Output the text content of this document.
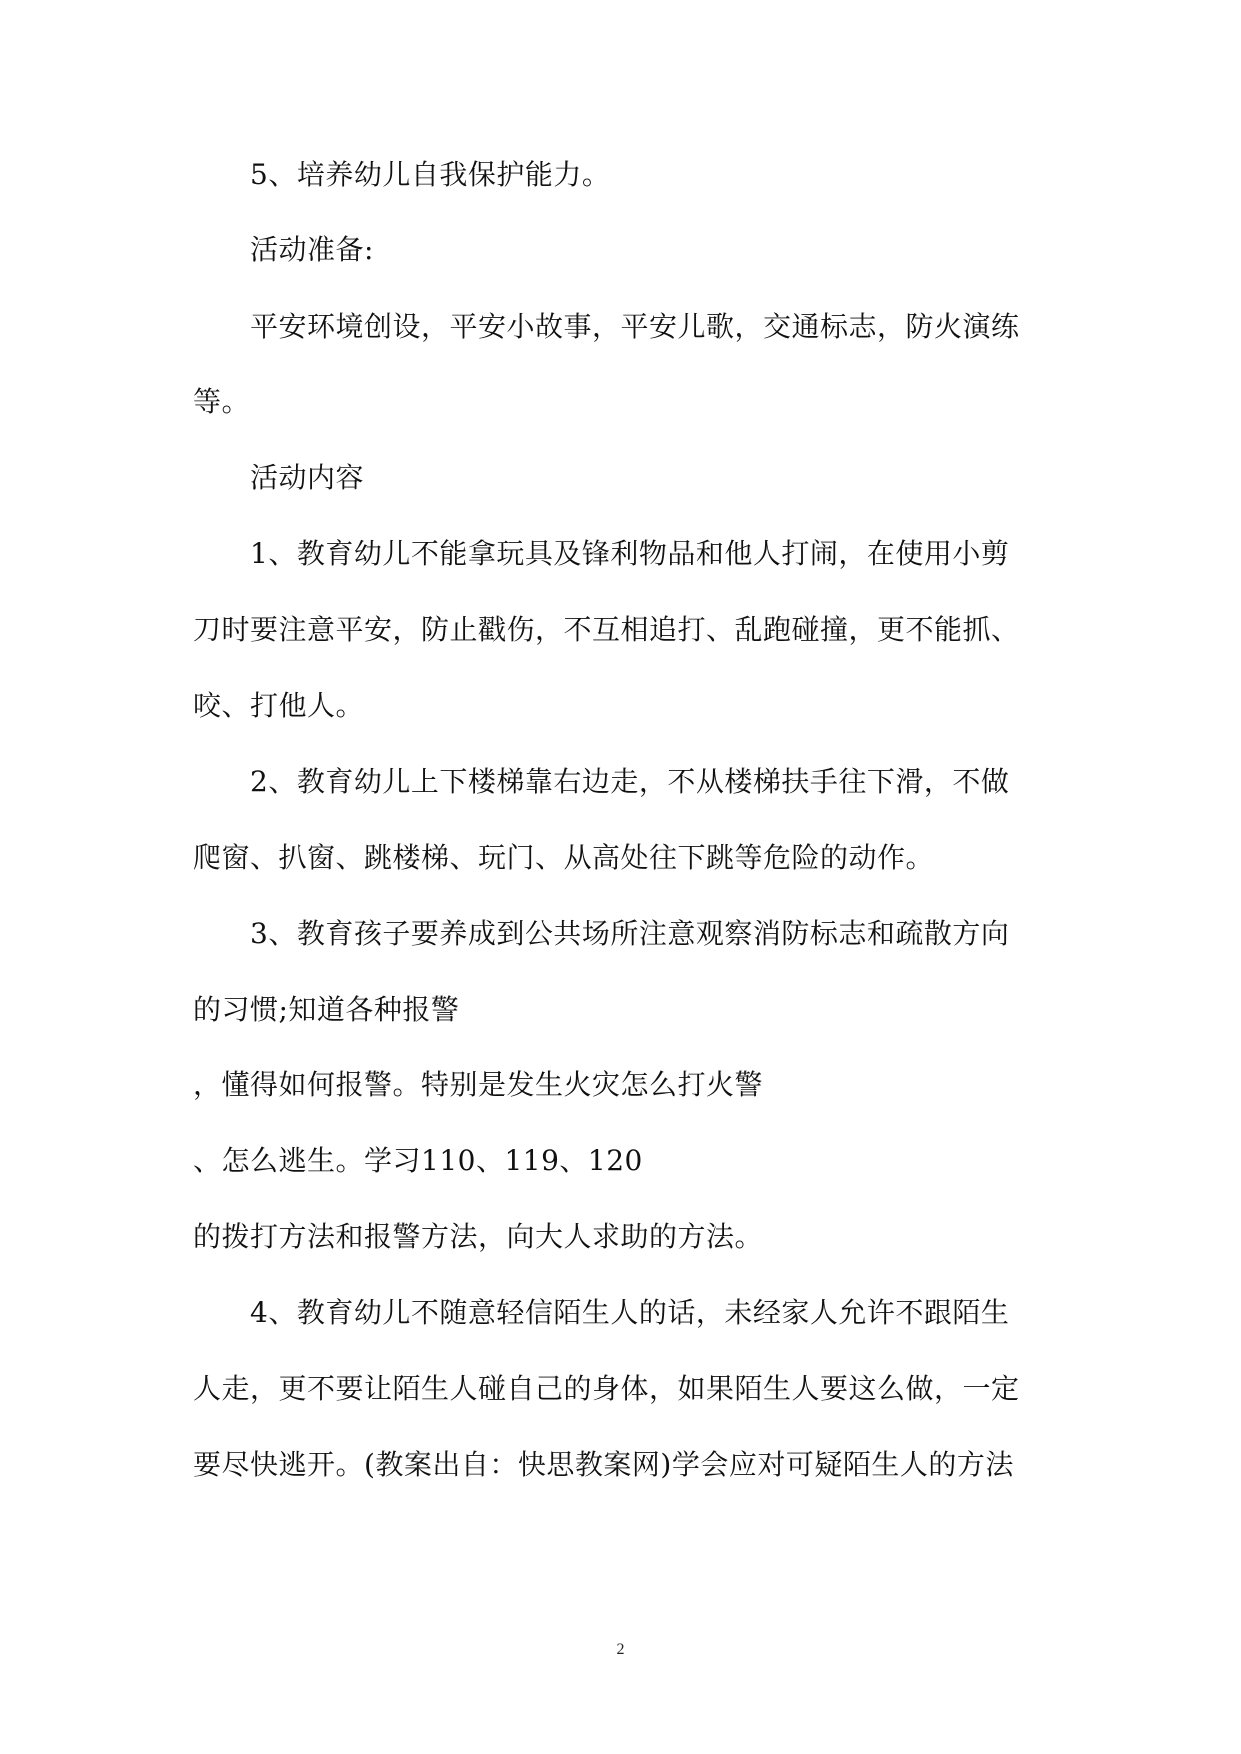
5、培养幼儿自我保护能力。
活动准备:
平安环境创设，平安小故事，平安儿歌，交通标志，防火演练
等。
活动内容
1、教育幼儿不能拿玩具及锋利物品和他人打闹，在使用小剪
刀时要注意平安，防止戳伤，不互相追打、乱跑碰撞，更不能抓、
咬、打他人。
2、教育幼儿上下楼梯靠右边走，不从楼梯扶手往下滑，不做
爬窗、扒窗、跳楼梯、玩门、从高处往下跳等危险的动作。
3、教育孩子要养成到公共场所注意观察消防标志和疏散方向
的习惯;知道各种报警
，懂得如何报警。特别是发生火灾怎么打火警
、怎么逃生。学习110、119、120
的拨打方法和报警方法，向大人求助的方法。
4、教育幼儿不随意轻信陌生人的话，未经家人允许不跟陌生
人走，更不要让陌生人碰自己的身体，如果陌生人要这么做，一定
要尽快逃开。(教案出自：快思教案网)学会应对可疑陌生人的方法
2
